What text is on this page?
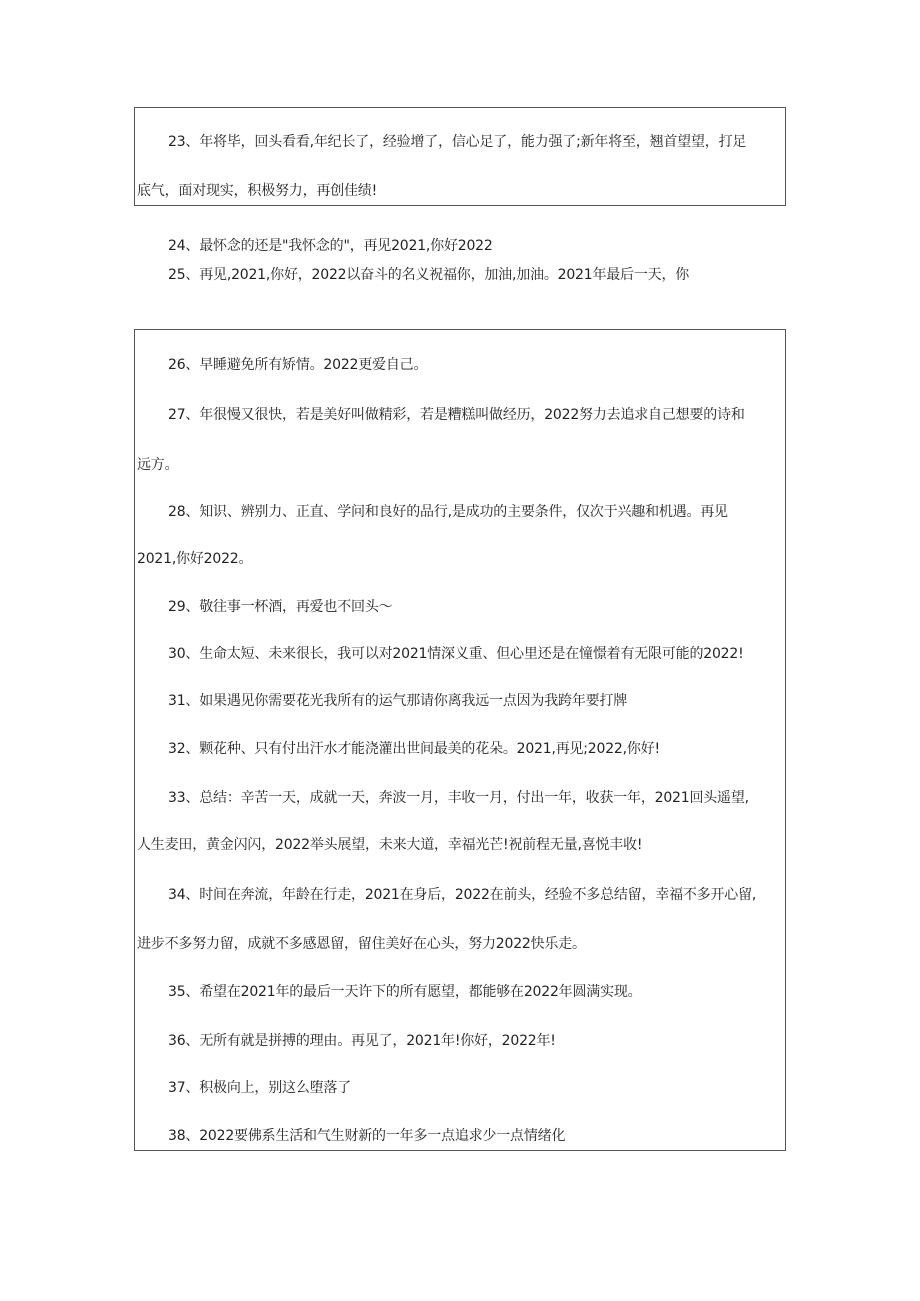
23、年将毕，回头看看,年纪长了，经验增了，信心足了，能力强了;新年将至，翘首望望，打足
底气，面对现实，积极努力，再创佳绩!
24、最怀念的还是"我怀念的"，再见2021,你好2022
25、再见,2021,你好，2022以奋斗的名义祝福你，加油,加油。2021年最后一天，你
26、早睡避免所有矫情。2022更爱自己。
27、年很慢又很快，若是美好叫做精彩，若是糟糕叫做经历，2022努力去追求自己想要的诗和
远方。
28、知识、辨别力、正直、学问和良好的品行,是成功的主要条件，仅次于兴趣和机遇。再见
2021,你好2022。
29、敬往事一杯酒，再爱也不回头〜
30、生命太短、未来很长，我可以对2021情深义重、但心里还是在憧憬着有无限可能的2022!
31、如果遇见你需要花光我所有的运气那请你离我远一点因为我跨年要打牌
32、颗花种、只有付出汗水才能浇灌出世间最美的花朵。2021,再见;2022,你好!
33、总结：辛苦一天，成就一天，奔波一月，丰收一月，付出一年，收获一年，2021回头遥望,
人生麦田，黄金闪闪，2022举头展望，未来大道，幸福光芒!祝前程无量,喜悦丰收!
34、时间在奔流，年龄在行走，2021在身后，2022在前头，经验不多总结留，幸福不多开心留,
进步不多努力留，成就不多感恩留，留住美好在心头，努力2022快乐走。
35、希望在2021年的最后一天许下的所有愿望，都能够在2022年圆满实现。
36、无所有就是拼搏的理由。再见了，2021年!你好，2022年!
37、积极向上，别这么堕落了
38、2022要佛系生活和气生财新的一年多一点追求少一点情绪化
